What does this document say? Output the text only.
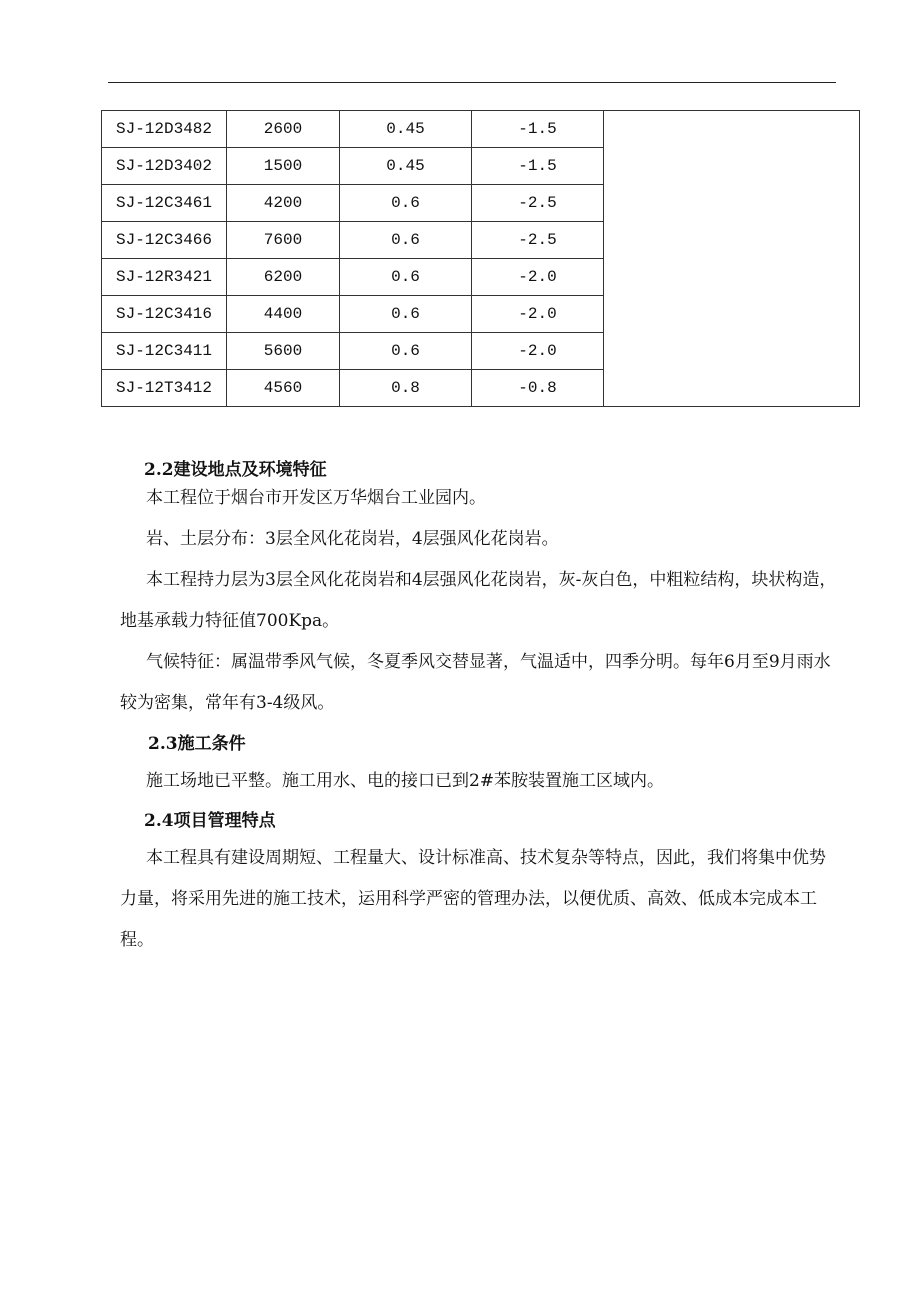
SJ-12D3482	2600	0.45	-1.5	
SJ-12D3402	1500	0.45	-1.5	
SJ-12C3461	4200	0.6	-2.5	
SJ-12C3466	7600	0.6	-2.5	
SJ-12R3421	6200	0.6	-2.0	
SJ-12C3416	4400	0.6	-2.0	
SJ-12C3411	5600	0.6	-2.0	
SJ-12T3412	4560	0.8	-0.8	
2.2建设地点及环境特征

本工程位于烟台市开发区万华烟台工业园内。

岩、土层分布：3层全风化花岗岩，4层强风化花岗岩。

本工程持力层为3层全风化花岗岩和4层强风化花岗岩，灰-灰白色，中粗粒结构，块状构造，地基承载力特征值700Kpa。

气候特征：属温带季风气候，冬夏季风交替显著，气温适中，四季分明。每年6月至9月雨水较为密集，常年有3-4级风。

2.3施工条件

施工场地已平整。施工用水、电的接口已到2#苯胺装置施工区域内。

2.4项目管理特点

本工程具有建设周期短、工程量大、设计标准高、技术复杂等特点，因此，我们将集中优势力量，将采用先进的施工技术，运用科学严密的管理办法，以便优质、高效、低成本完成本工程。
